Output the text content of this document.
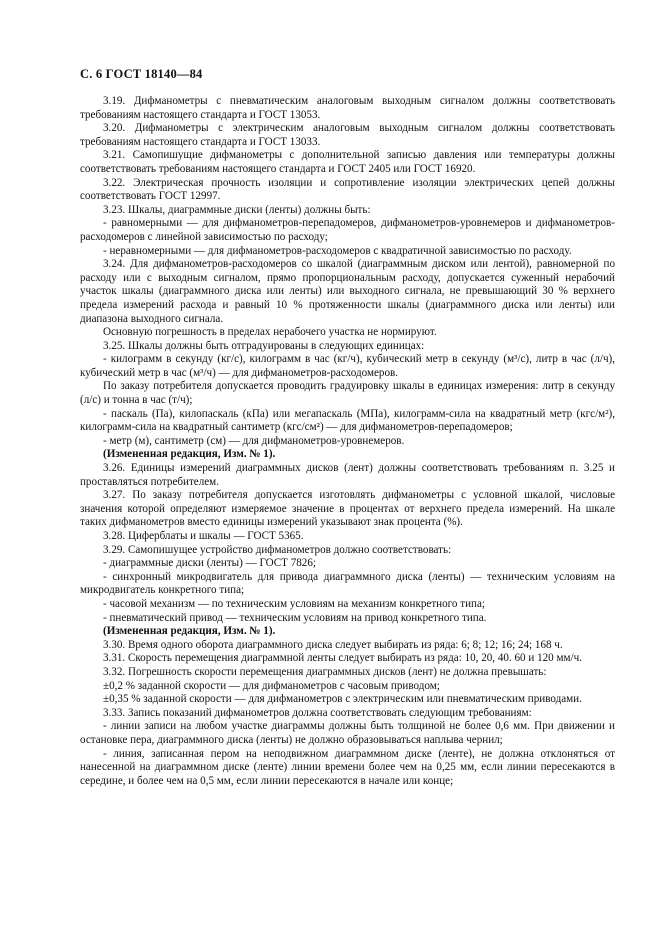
С. 6 ГОСТ 18140—84

3.19. Дифманометры с пневматическим аналоговым выходным сигналом должны соответствовать требованиям настоящего стандарта и ГОСТ 13053.

3.20. Дифманометры с электрическим аналоговым выходным сигналом должны соответствовать требованиям настоящего стандарта и ГОСТ 13033.

3.21. Самопишущие дифманометры с дополнительной записью давления или температуры должны соответствовать требованиям настоящего стандарта и ГОСТ 2405 или ГОСТ 16920.

3.22. Электрическая прочность изоляции и сопротивление изоляции электрических цепей должны соответствовать ГОСТ 12997.

3.23. Шкалы, диаграммные диски (ленты) должны быть:

- равномерными — для дифманометров-перепадомеров, дифманометров-уровнемеров и дифманометров-расходомеров с линейной зависимостью по расходу;

- неравномерными — для дифманометров-расходомеров с квадратичной зависимостью по расходу.

3.24. Для дифманометров-расходомеров со шкалой (диаграммным диском или лентой), равномерной по расходу или с выходным сигналом, прямо пропорциональным расходу, допускается суженный нерабочий участок шкалы (диаграммного диска или ленты) или выходного сигнала, не превышающий 30 % верхнего предела измерений расхода и равный 10 % протяженности шкалы (диаграммного диска или ленты) или диапазона выходного сигнала.

Основную погрешность в пределах нерабочего участка не нормируют.

3.25. Шкалы должны быть отградуированы в следующих единицах:

- килограмм в секунду (кг/с), килограмм в час (кг/ч), кубический метр в секунду (м³/с), литр в час (л/ч), кубический метр в час (м³/ч) — для дифманометров-расходомеров.

По заказу потребителя допускается проводить градуировку шкалы в единицах измерения: литр в секунду (л/с) и тонна в час (т/ч);

- паскаль (Па), килопаскаль (кПа) или мегапаскаль (МПа), килограмм-сила на квадратный метр (кгс/м²), килограмм-сила на квадратный сантиметр (кгс/см²) — для дифманометров-перепадомеров;

- метр (м), сантиметр (см) — для дифманометров-уровнемеров.

(Измененная редакция, Изм. № 1).

3.26. Единицы измерений диаграммных дисков (лент) должны соответствовать требованиям п. 3.25 и проставляться потребителем.

3.27. По заказу потребителя допускается изготовлять дифманометры с условной шкалой, числовые значения которой определяют измеряемое значение в процентах от верхнего предела измерений. На шкале таких дифманометров вместо единицы измерений указывают знак процента (%).

3.28. Циферблаты и шкалы — ГОСТ 5365.

3.29. Самопишущее устройство дифманометров должно соответствовать:

- диаграммные диски (ленты) — ГОСТ 7826;

- синхронный микродвигатель для привода диаграммного диска (ленты) — техническим условиям на микродвигатель конкретного типа;

- часовой механизм — по техническим условиям на механизм конкретного типа;

- пневматический привод — техническим условиям на привод конкретного типа.

(Измененная редакция, Изм. № 1).

3.30. Время одного оборота диаграммного диска следует выбирать из ряда: 6; 8; 12; 16; 24; 168 ч.

3.31. Скорость перемещения диаграммной ленты следует выбирать из ряда: 10, 20, 40. 60 и 120 мм/ч.

3.32. Погрешность скорости перемещения диаграммных дисков (лент) не должна превышать:

±0,2 % заданной скорости — для дифманометров с часовым приводом;

±0,35 % заданной скорости — для дифманометров с электрическим или пневматическим приводами.

3.33. Запись показаний дифманометров должна соответствовать следующим требованиям:

- линии записи на любом участке диаграммы должны быть толщиной не более 0,6 мм. При движении и остановке пера, диаграммного диска (ленты) не должно образовываться наплыва чернил;

- линия, записанная пером на неподвижном диаграммном диске (ленте), не должна отклоняться от нанесенной на диаграммном диске (ленте) линии времени более чем на 0,25 мм, если линии пересекаются в середине, и более чем на 0,5 мм, если линии пересекаются в начале или конце;
